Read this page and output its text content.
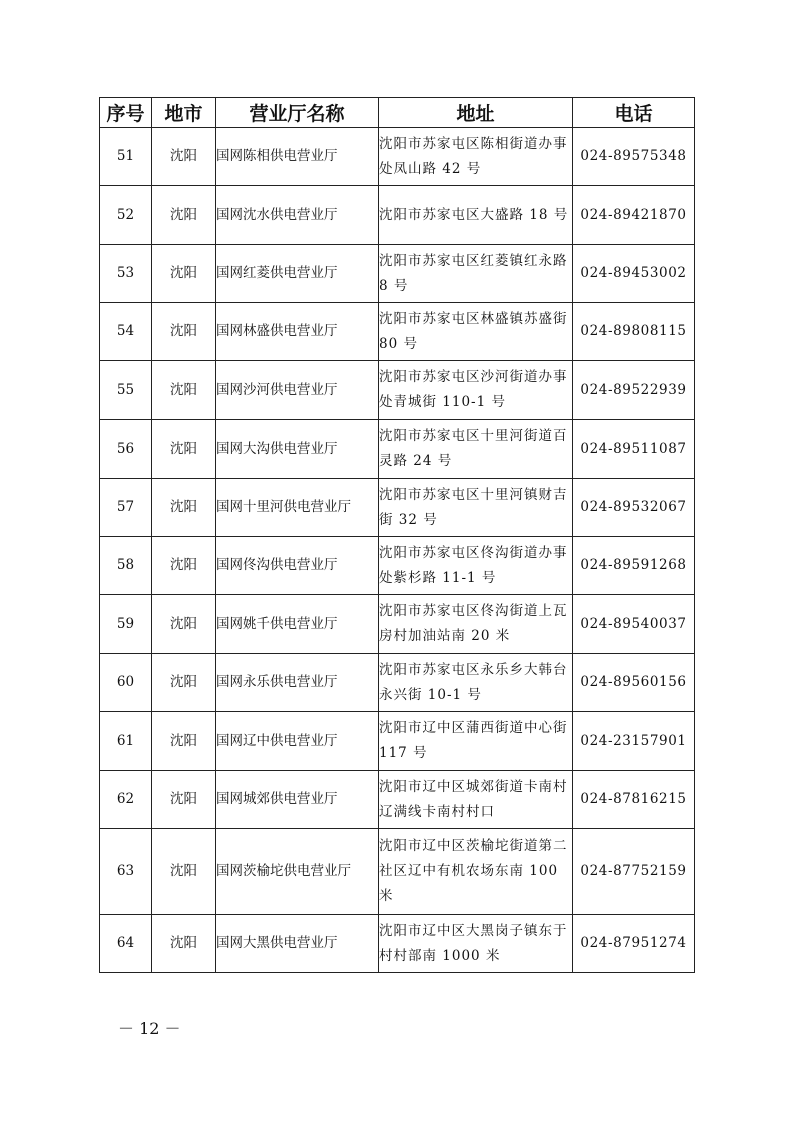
序号	地市	营业厅名称	地址	电话
51	沈阳	国网陈相供电营业厅	沈阳市苏家屯区陈相街道办事处凤山路 42 号	024-89575348
52	沈阳	国网沈水供电营业厅	沈阳市苏家屯区大盛路 18 号	024-89421870
53	沈阳	国网红菱供电营业厅	沈阳市苏家屯区红菱镇红永路 8 号	024-89453002
54	沈阳	国网林盛供电营业厅	沈阳市苏家屯区林盛镇苏盛街 80 号	024-89808115
55	沈阳	国网沙河供电营业厅	沈阳市苏家屯区沙河街道办事处青城街 110-1 号	024-89522939
56	沈阳	国网大沟供电营业厅	沈阳市苏家屯区十里河街道百灵路 24 号	024-89511087
57	沈阳	国网十里河供电营业厅	沈阳市苏家屯区十里河镇财吉街 32 号	024-89532067
58	沈阳	国网佟沟供电营业厅	沈阳市苏家屯区佟沟街道办事处紫杉路 11-1 号	024-89591268
59	沈阳	国网姚千供电营业厅	沈阳市苏家屯区佟沟街道上瓦房村加油站南 20 米	024-89540037
60	沈阳	国网永乐供电营业厅	沈阳市苏家屯区永乐乡大韩台永兴街 10-1 号	024-89560156
61	沈阳	国网辽中供电营业厅	沈阳市辽中区蒲西街道中心街 117 号	024-23157901
62	沈阳	国网城郊供电营业厅	沈阳市辽中区城郊街道卡南村辽满线卡南村村口	024-87816215
63	沈阳	国网茨榆坨供电营业厅	沈阳市辽中区茨榆坨街道第二社区辽中有机农场东南 100 米	024-87752159
64	沈阳	国网大黑供电营业厅	沈阳市辽中区大黑岗子镇东于村村部南 1000 米	024-87951274
－ 12 －
